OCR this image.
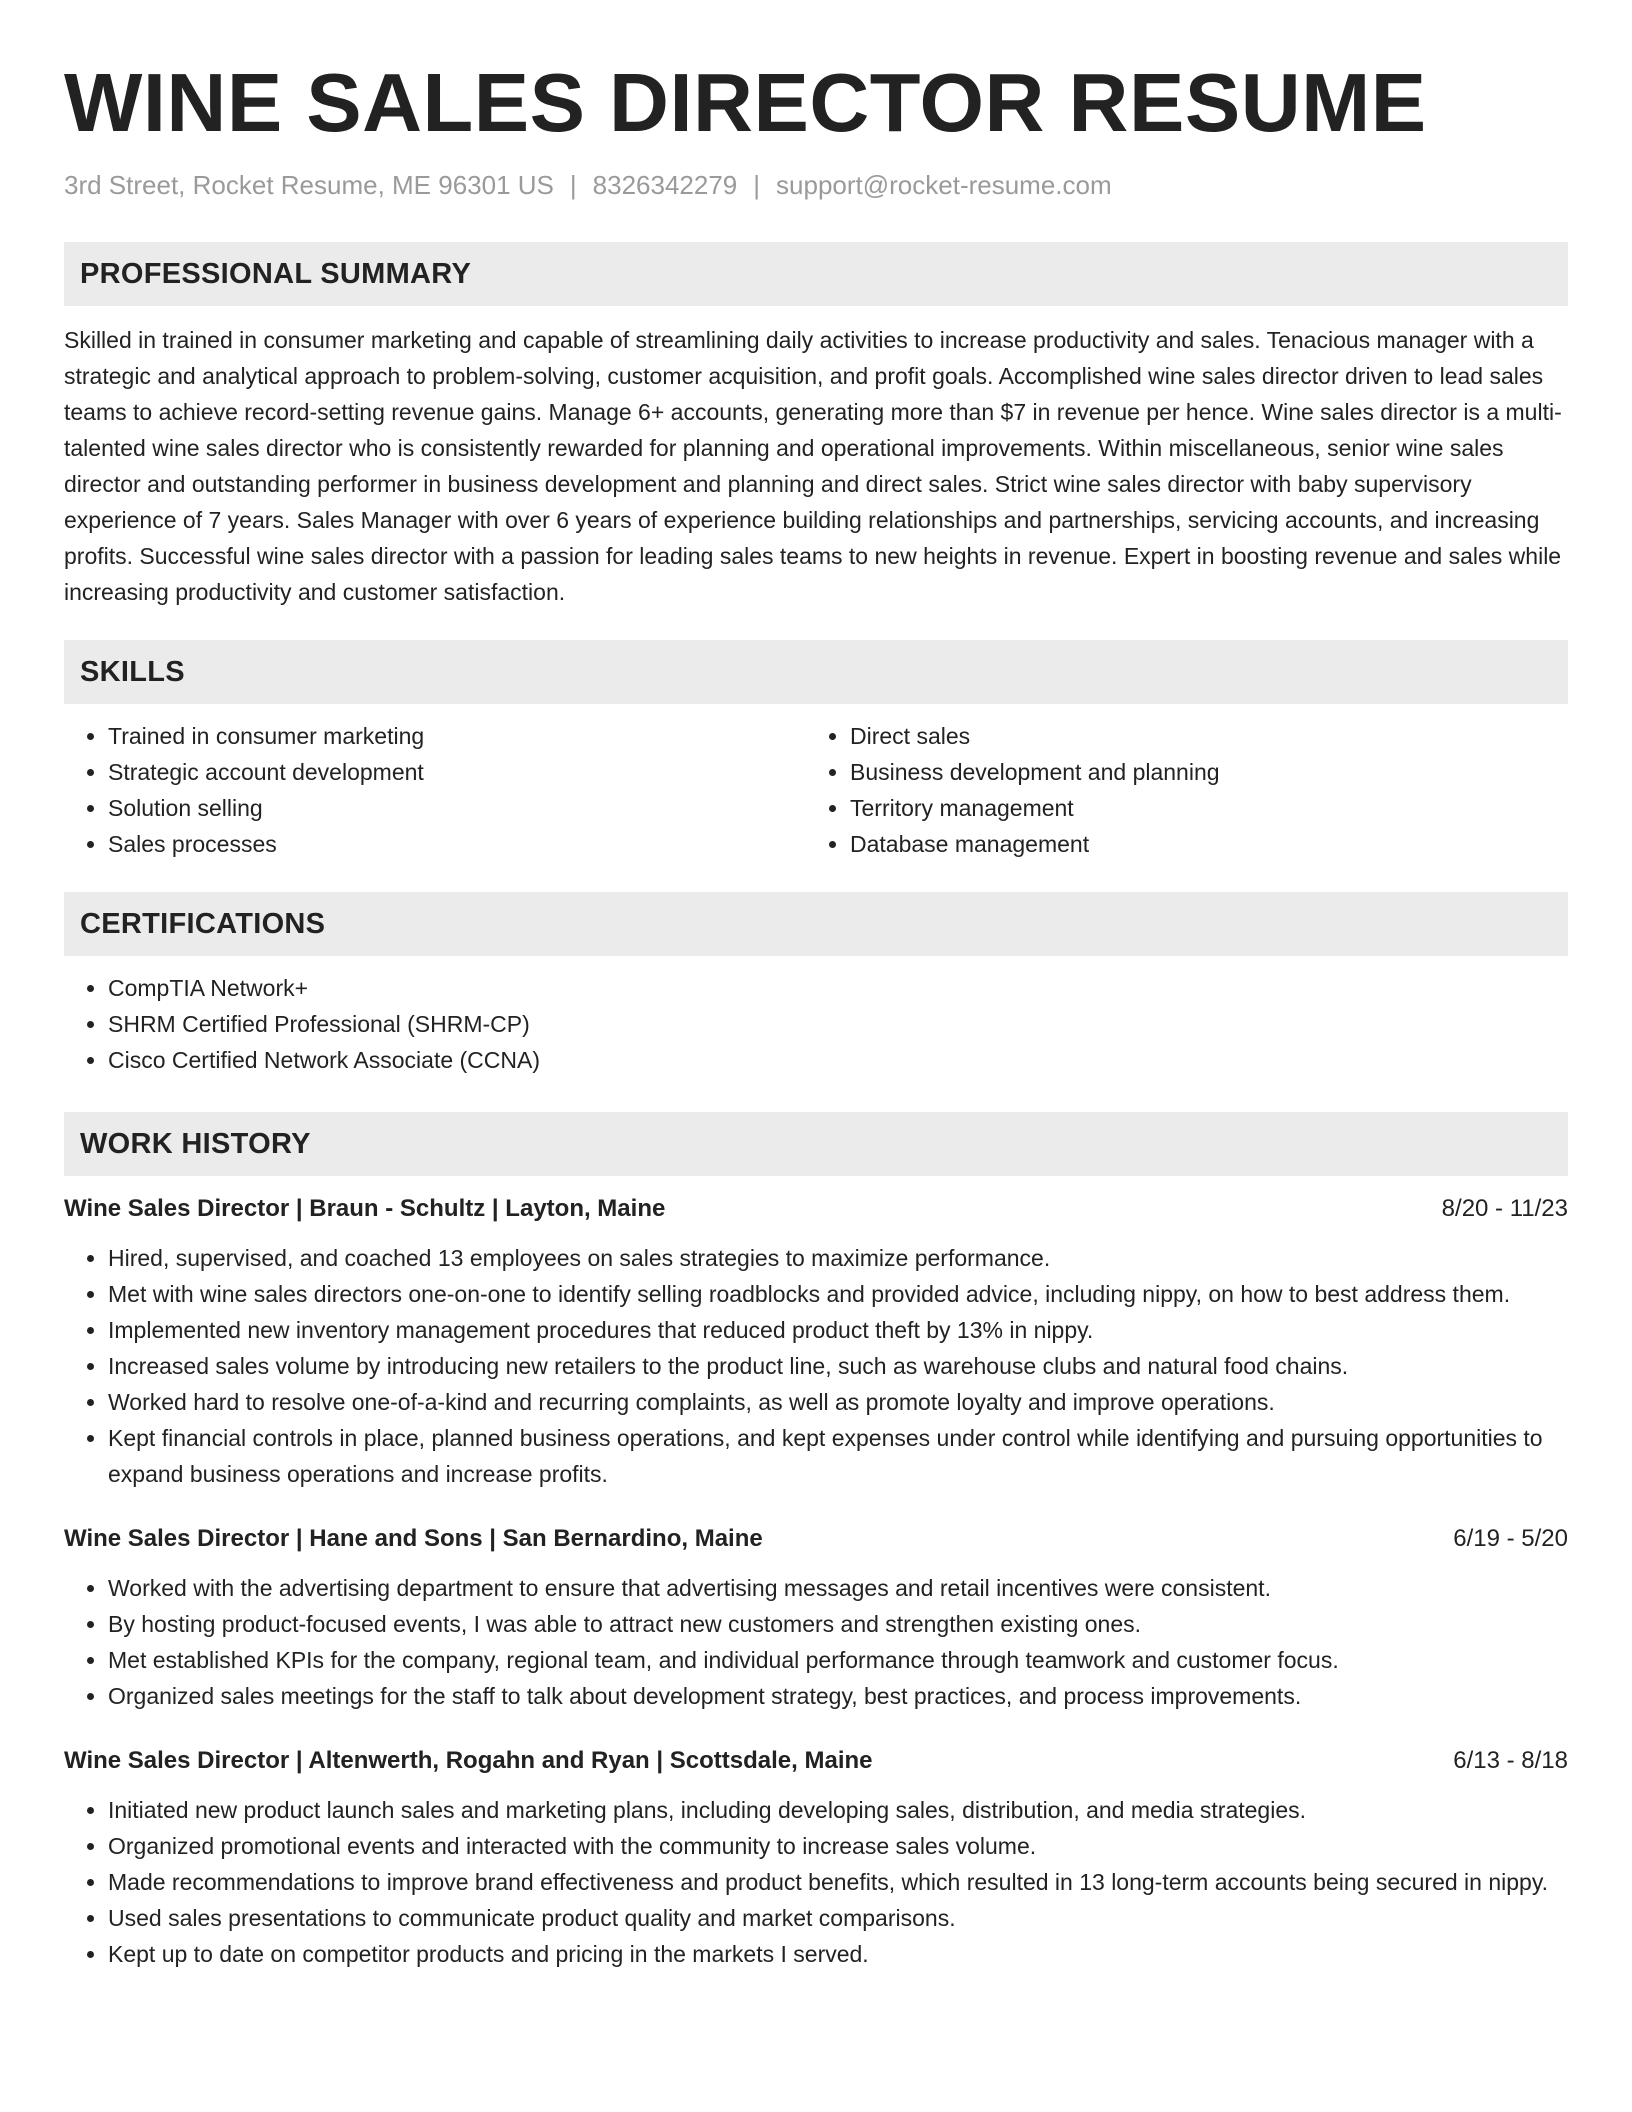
WINE SALES DIRECTOR RESUME
3rd Street, Rocket Resume, ME 96301 US | 8326342279 | support@rocket-resume.com
PROFESSIONAL SUMMARY

Skilled in trained in consumer marketing and capable of streamlining daily activities to increase productivity and sales. Tenacious manager with a strategic and analytical approach to problem-solving, customer acquisition, and profit goals. Accomplished wine sales director driven to lead sales teams to achieve record-setting revenue gains. Manage 6+ accounts, generating more than $7 in revenue per hence. Wine sales director is a multi-talented wine sales director who is consistently rewarded for planning and operational improvements. Within miscellaneous, senior wine sales director and outstanding performer in business development and planning and direct sales. Strict wine sales director with baby supervisory experience of 7 years. Sales Manager with over 6 years of experience building relationships and partnerships, servicing accounts, and increasing profits. Successful wine sales director with a passion for leading sales teams to new heights in revenue. Expert in boosting revenue and sales while increasing productivity and customer satisfaction.

SKILLS
• Trained in consumer marketing
• Strategic account development
• Solution selling
• Sales processes
• Direct sales
• Business development and planning
• Territory management
• Database management
CERTIFICATIONS
• CompTIA Network+
• SHRM Certified Professional (SHRM-CP)
• Cisco Certified Network Associate (CCNA)
WORK HISTORY
Wine Sales Director | Braun - Schultz | Layton, Maine	8/20 - 11/23
• Hired, supervised, and coached 13 employees on sales strategies to maximize performance.
• Met with wine sales directors one-on-one to identify selling roadblocks and provided advice, including nippy, on how to best address them.
• Implemented new inventory management procedures that reduced product theft by 13% in nippy.
• Increased sales volume by introducing new retailers to the product line, such as warehouse clubs and natural food chains.
• Worked hard to resolve one-of-a-kind and recurring complaints, as well as promote loyalty and improve operations.
• Kept financial controls in place, planned business operations, and kept expenses under control while identifying and pursuing opportunities to expand business operations and increase profits.
Wine Sales Director | Hane and Sons | San Bernardino, Maine	6/19 - 5/20
• Worked with the advertising department to ensure that advertising messages and retail incentives were consistent.
• By hosting product-focused events, I was able to attract new customers and strengthen existing ones.
• Met established KPIs for the company, regional team, and individual performance through teamwork and customer focus.
• Organized sales meetings for the staff to talk about development strategy, best practices, and process improvements.
Wine Sales Director | Altenwerth, Rogahn and Ryan | Scottsdale, Maine	6/13 - 8/18
• Initiated new product launch sales and marketing plans, including developing sales, distribution, and media strategies.
• Organized promotional events and interacted with the community to increase sales volume.
• Made recommendations to improve brand effectiveness and product benefits, which resulted in 13 long-term accounts being secured in nippy.
• Used sales presentations to communicate product quality and market comparisons.
• Kept up to date on competitor products and pricing in the markets I served.
